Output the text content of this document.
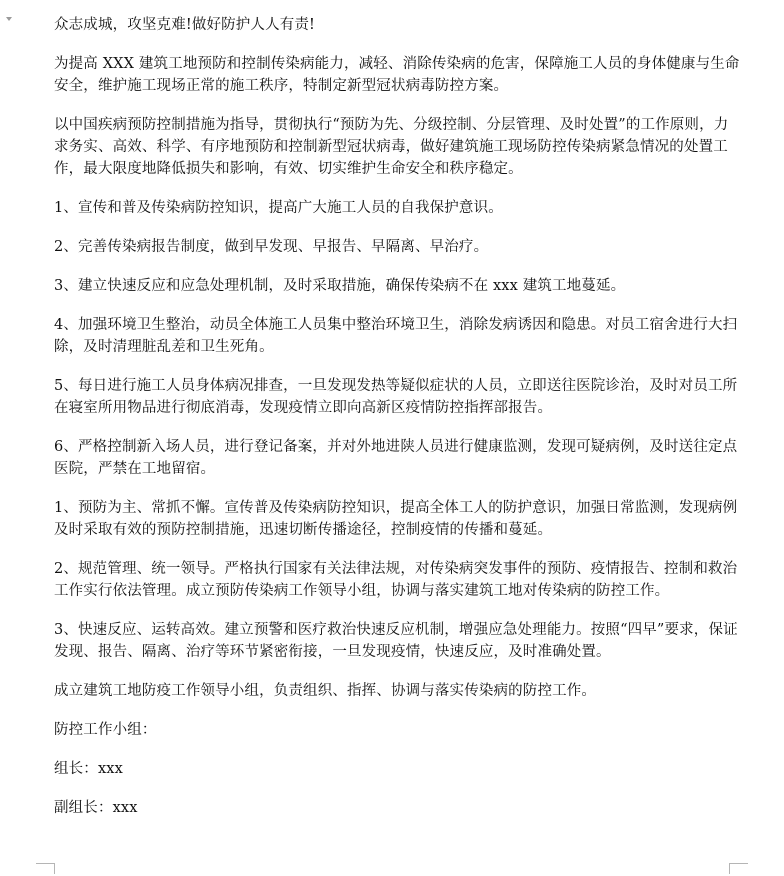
众志成城，攻坚克难!做好防护人人有责!

为提高 XXX 建筑工地预防和控制传染病能力，减轻、消除传染病的危害，保障施工人员的身体健康与生命安全，维护施工现场正常的施工秩序，特制定新型冠状病毒防控方案。

以中国疾病预防控制措施为指导，贯彻执行“预防为先、分级控制、分层管理、及时处置”的工作原则，力求务实、高效、科学、有序地预防和控制新型冠状病毒，做好建筑施工现场防控传染病紧急情况的处置工作，最大限度地降低损失和影响，有效、切实维护生命安全和秩序稳定。

1、宣传和普及传染病防控知识，提高广大施工人员的自我保护意识。

2、完善传染病报告制度，做到早发现、早报告、早隔离、早治疗。

3、建立快速反应和应急处理机制，及时采取措施，确保传染病不在 xxx 建筑工地蔓延。

4、加强环境卫生整治，动员全体施工人员集中整治环境卫生，消除发病诱因和隐患。对员工宿舍进行大扫除，及时清理脏乱差和卫生死角。

5、每日进行施工人员身体病况排查，一旦发现发热等疑似症状的人员，立即送往医院诊治，及时对员工所在寝室所用物品进行彻底消毒，发现疫情立即向高新区疫情防控指挥部报告。

6、严格控制新入场人员，进行登记备案，并对外地进陕人员进行健康监测，发现可疑病例，及时送往定点医院，严禁在工地留宿。

1、预防为主、常抓不懈。宣传普及传染病防控知识，提高全体工人的防护意识，加强日常监测，发现病例及时采取有效的预防控制措施，迅速切断传播途径，控制疫情的传播和蔓延。

2、规范管理、统一领导。严格执行国家有关法律法规，对传染病突发事件的预防、疫情报告、控制和救治工作实行依法管理。成立预防传染病工作领导小组，协调与落实建筑工地对传染病的防控工作。

3、快速反应、运转高效。建立预警和医疗救治快速反应机制，增强应急处理能力。按照“四早”要求，保证发现、报告、隔离、治疗等环节紧密衔接，一旦发现疫情，快速反应，及时准确处置。

成立建筑工地防疫工作领导小组，负责组织、指挥、协调与落实传染病的防控工作。

防控工作小组：

组长：xxx

副组长：xxx
